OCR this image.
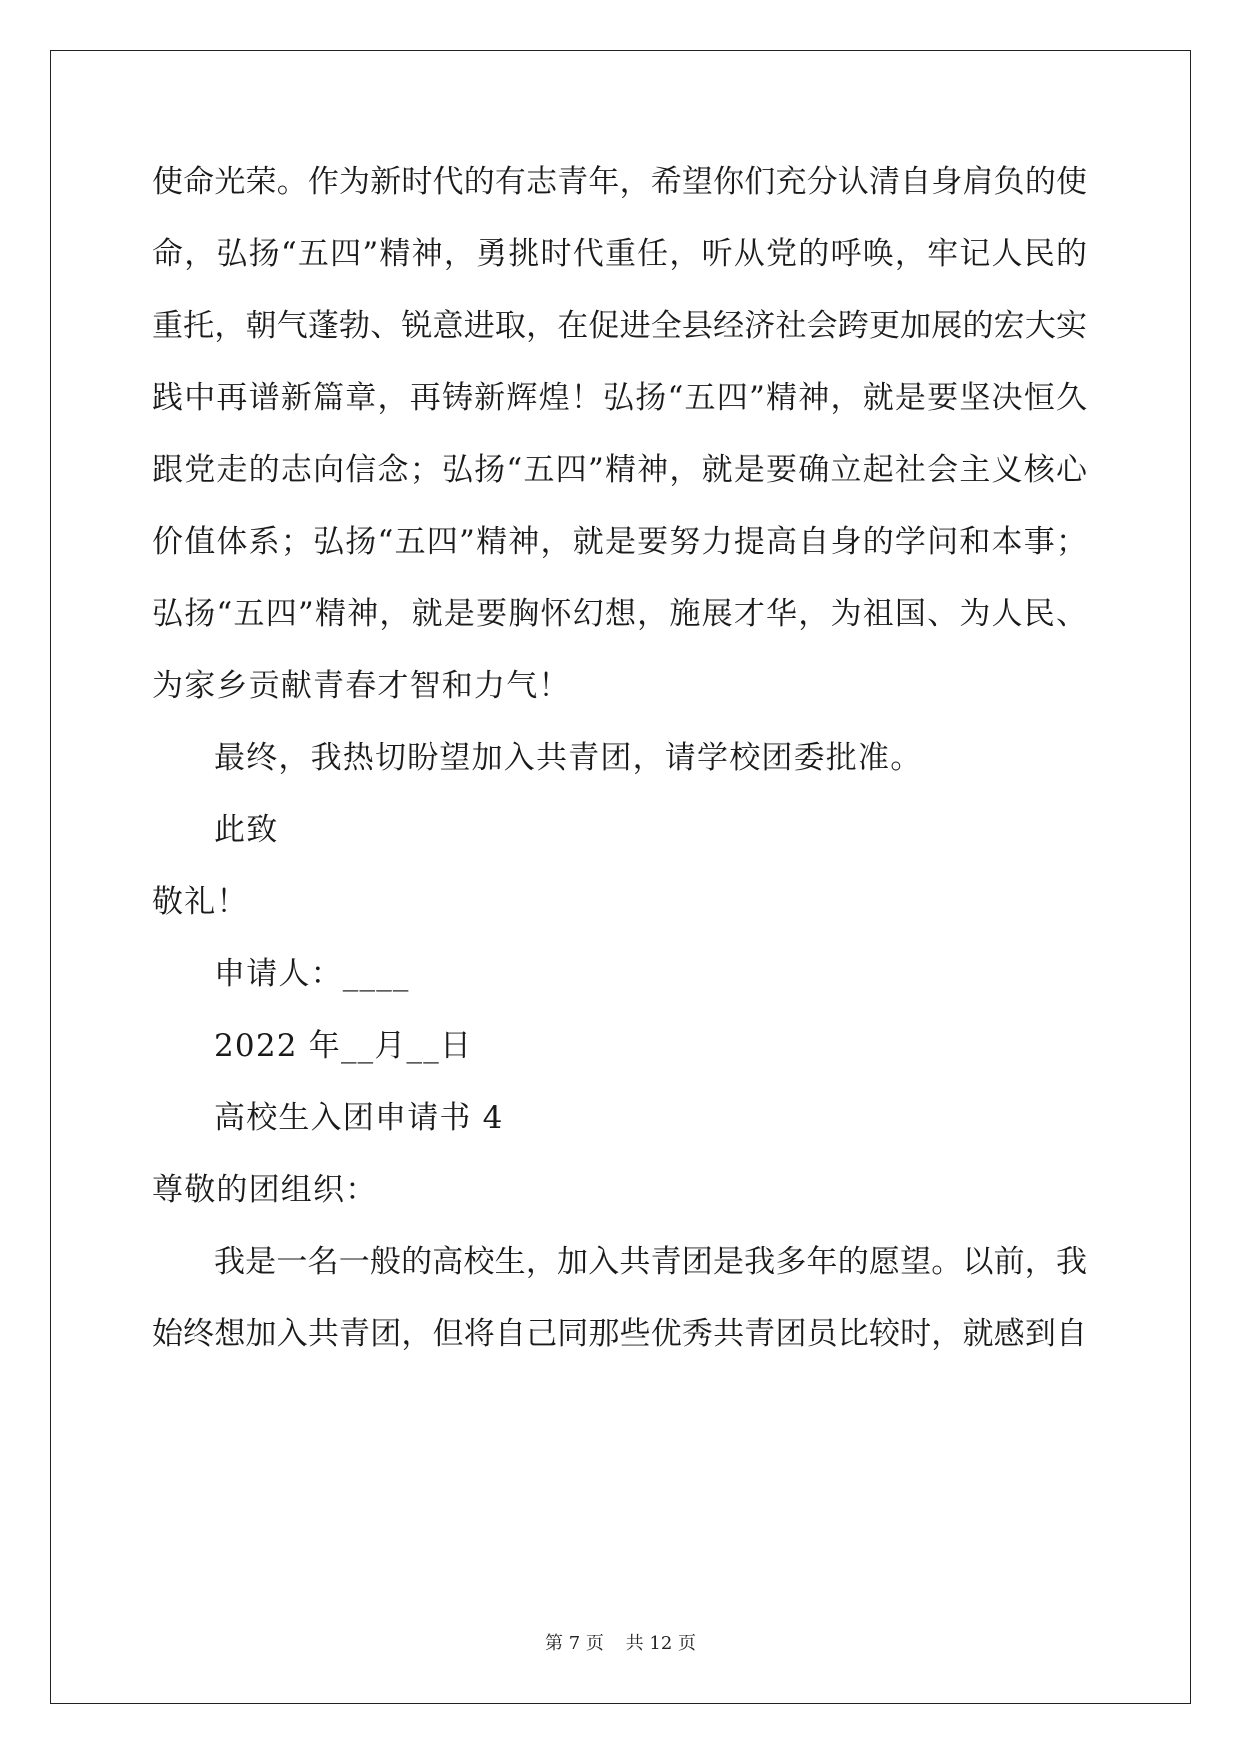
使命光荣。作为新时代的有志青年，希望你们充分认清自身肩负的使
命，弘扬“五四”精神，勇挑时代重任，听从党的呼唤，牢记人民的
重托，朝气蓬勃、锐意进取，在促进全县经济社会跨更加展的宏大实
践中再谱新篇章，再铸新辉煌！弘扬“五四”精神，就是要坚决恒久
跟党走的志向信念；弘扬“五四”精神，就是要确立起社会主义核心
价值体系；弘扬“五四”精神，就是要努力提高自身的学问和本事；
弘扬“五四”精神，就是要胸怀幻想，施展才华，为祖国、为人民、
为家乡贡献青春才智和力气！
最终，我热切盼望加入共青团，请学校团委批准。
此致
敬礼！
申请人：____
2022 年__月__日
高校生入团申请书 4
尊敬的团组织：
我是一名一般的高校生，加入共青团是我多年的愿望。以前，我
始终想加入共青团，但将自己同那些优秀共青团员比较时，就感到自
第 7 页 共 12 页
